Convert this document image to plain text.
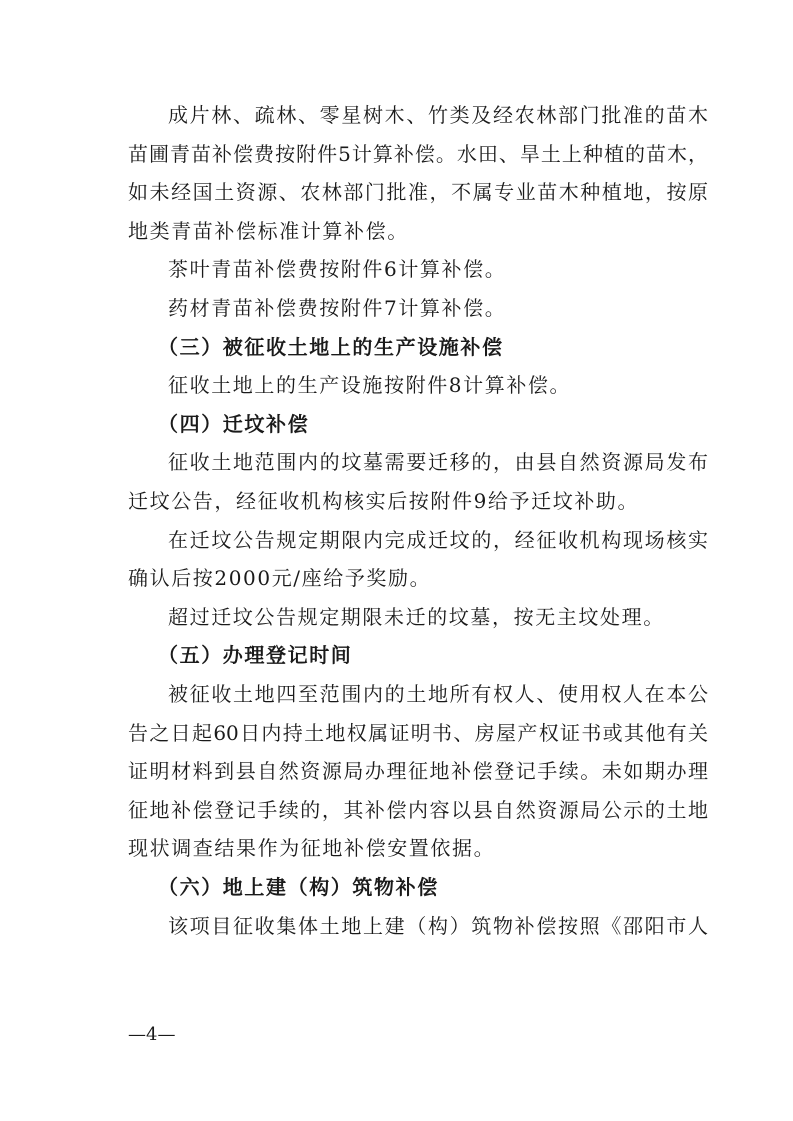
成片林、疏林、零星树木、竹类及经农林部门批准的苗木
苗圃青苗补偿费按附件5计算补偿。水田、旱土上种植的苗木，
如未经国土资源、农林部门批准，不属专业苗木种植地，按原
地类青苗补偿标准计算补偿。
茶叶青苗补偿费按附件6计算补偿。
药材青苗补偿费按附件7计算补偿。
（三）被征收土地上的生产设施补偿
征收土地上的生产设施按附件8计算补偿。
（四）迁坟补偿
征收土地范围内的坟墓需要迁移的，由县自然资源局发布
迁坟公告，经征收机构核实后按附件9给予迁坟补助。
在迁坟公告规定期限内完成迁坟的，经征收机构现场核实
确认后按2000元/座给予奖励。
超过迁坟公告规定期限未迁的坟墓，按无主坟处理。
（五）办理登记时间
被征收土地四至范围内的土地所有权人、使用权人在本公
告之日起60日内持土地权属证明书、房屋产权证书或其他有关
证明材料到县自然资源局办理征地补偿登记手续。未如期办理
征地补偿登记手续的，其补偿内容以县自然资源局公示的土地
现状调查结果作为征地补偿安置依据。
（六）地上建（构）筑物补偿
该项目征收集体土地上建（构）筑物补偿按照《邵阳市人
—4—
